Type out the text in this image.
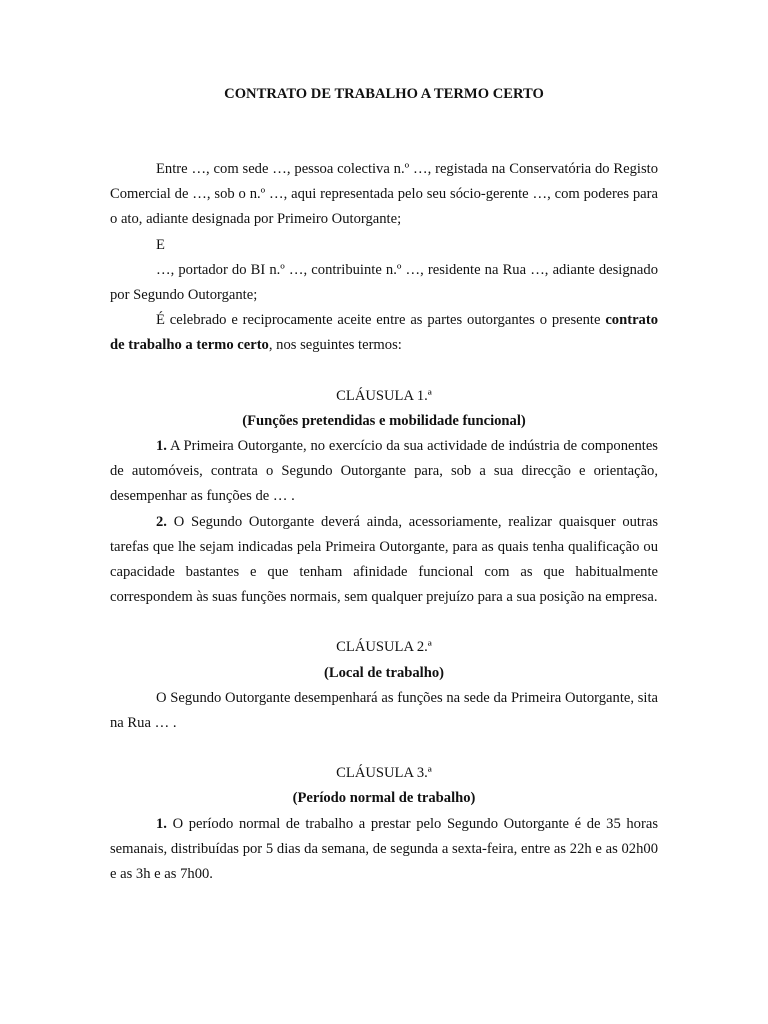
CONTRATO DE TRABALHO A TERMO CERTO

Entre …, com sede …, pessoa colectiva n.º …, registada na Conservatória do Registo Comercial de …, sob o n.º …, aqui representada pelo seu sócio-gerente …, com poderes para o ato, adiante designada por Primeiro Outorgante;

E

…, portador do BI n.º …, contribuinte n.º …, residente na Rua …, adiante designado por Segundo Outorgante;

É celebrado e reciprocamente aceite entre as partes outorgantes o presente contrato de trabalho a termo certo, nos seguintes termos:

CLÁUSULA 1.ª

(Funções pretendidas e mobilidade funcional)

1. A Primeira Outorgante, no exercício da sua actividade de indústria de componentes de automóveis, contrata o Segundo Outorgante para, sob a sua direcção e orientação, desempenhar as funções de … .

2. O Segundo Outorgante deverá ainda, acessoriamente, realizar quaisquer outras tarefas que lhe sejam indicadas pela Primeira Outorgante, para as quais tenha qualificação ou capacidade bastantes e que tenham afinidade funcional com as que habitualmente correspondem às suas funções normais, sem qualquer prejuízo para a sua posição na empresa.

CLÁUSULA 2.ª

(Local de trabalho)

O Segundo Outorgante desempenhará as funções na sede da Primeira Outorgante, sita na Rua … .

CLÁUSULA 3.ª

(Período normal de trabalho)

1. O período normal de trabalho a prestar pelo Segundo Outorgante é de 35 horas semanais, distribuídas por 5 dias da semana, de segunda a sexta-feira, entre as 22h e as 02h00 e as 3h e as 7h00.
